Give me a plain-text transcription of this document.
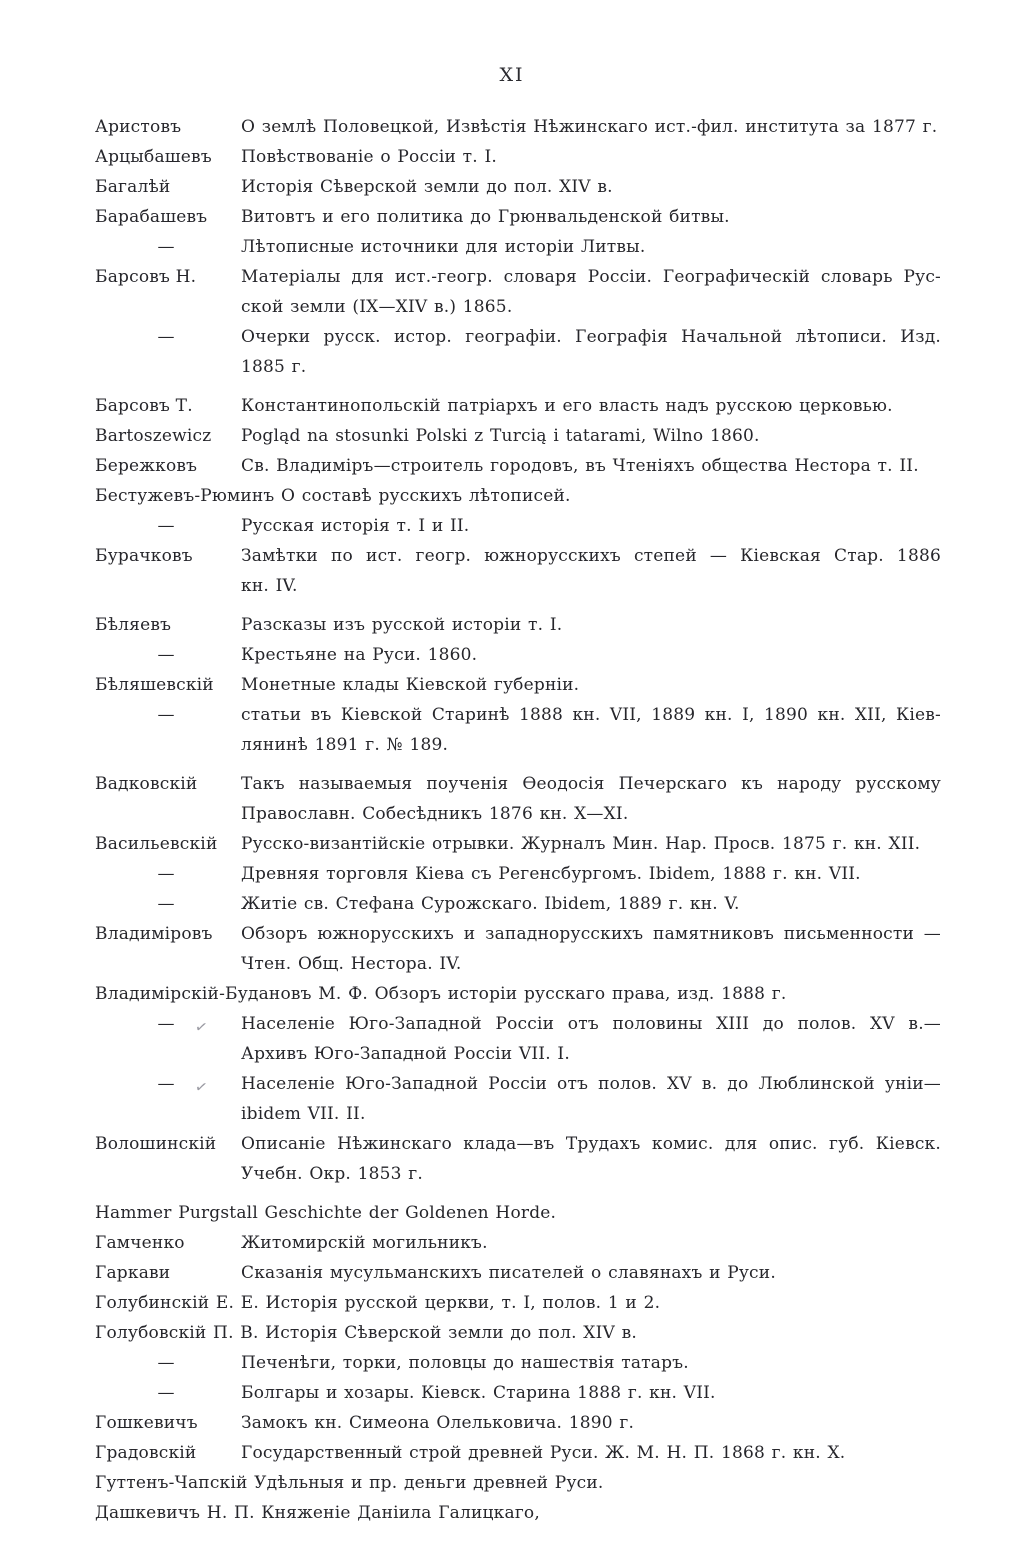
XI
Аристовъ	О землѣ Половецкой, Извѣстія Нѣжинскаго ист.-фил. института за 1877 г.
Арцыбашевъ	Повѣствованіе о Россіи т. I.
Багалѣй	Исторія Сѣверской земли до пол. XIV в.
Барабашевъ	Витовтъ и его политика до Грюнвальденской битвы.
—	Лѣтописные источники для исторіи Литвы.
Барсовъ Н.	Матеріалы для ист.-геогр. словаря Россіи. Географическій словарь Рус-
ской земли (IX—XIV в.) 1865.
—	Очерки русск. истор. географіи. Географія Начальной лѣтописи. Изд.
1885 г.
Барсовъ Т.	Константинопольскій патріархъ и его власть надъ русскою церковью.
Bartoszewicz	Pogląd na stosunki Polski z Turcią i tatarami, Wilno 1860.
Бережковъ	Св. Владиміръ—строитель городовъ, въ Чтеніяхъ общества Нестора т. II.
Бестужевъ-Рюминъ О составѣ русскихъ лѣтописей.
—	Русская исторія т. I и II.
Бурачковъ	Замѣтки по ист. геогр. южнорусскихъ степей — Кіевская Стар. 1886
кн. IV.
Бѣляевъ	Разсказы изъ русской исторіи т. I.
—	Крестьяне на Руси. 1860.
Бѣляшевскій	Монетные клады Кіевской губерніи.
—	статьи въ Кіевской Старинѣ 1888 кн. VII, 1889 кн. I, 1890 кн. XII, Кіев-
лянинѣ 1891 г. № 189.
Вадковскій	Такъ называемыя поученія Ѳеодосія Печерскаго къ народу русскому
Православн. Собесѣдникъ 1876 кн. X—XI.
Васильевскій	Русско-византійскіе отрывки. Журналъ Мин. Нар. Просв. 1875 г. кн. XII.
—	Древняя торговля Кіева съ Регенсбургомъ. Ibidem, 1888 г. кн. VII.
—	Житіе св. Стефана Сурожскаго. Ibidem, 1889 г. кн. V.
Владиміровъ	Обзоръ южнорусскихъ и западнорусскихъ памятниковъ письменности —
Чтен. Общ. Нестора. IV.
Владимірскій-Будановъ М. Ф. Обзоръ исторіи русскаго права, изд. 1888 г.
— ✓ Населеніе Юго-Западной Россіи отъ половины XIII до полов. XV в.—
Архивъ Юго-Западной Россіи VII. I.
— ✓ Населеніе Юго-Западной Россіи отъ полов. XV в. до Люблинской уніи—
ibidem VII. II.
Волошинскій	Описаніе Нѣжинскаго клада—въ Трудахъ комис. для опис. губ. Кіевск.
Учебн. Окр. 1853 г.
Hammer Purgstall Geschichte der Goldenen Horde.
Гамченко	Житомирскій могильникъ.
Гаркави	Сказанія мусульманскихъ писателей о славянахъ и Руси.
Голубинскій Е. Е. Исторія русской церкви, т. I, полов. 1 и 2.
Голубовскій П. В. Исторія Сѣверской земли до пол. XIV в.
—	Печенѣги, торки, половцы до нашествія татаръ.
—	Болгары и хозары. Кіевск. Старина 1888 г. кн. VII.
Гошкевичъ	Замокъ кн. Симеона Олельковича. 1890 г.
Градовскій	Государственный строй древней Руси. Ж. М. Н. П. 1868 г. кн. X.
Гуттенъ-Чапскій Удѣльныя и пр. деньги древней Руси.
Дашкевичъ Н. П. Княженіе Даніила Галицкаго,
